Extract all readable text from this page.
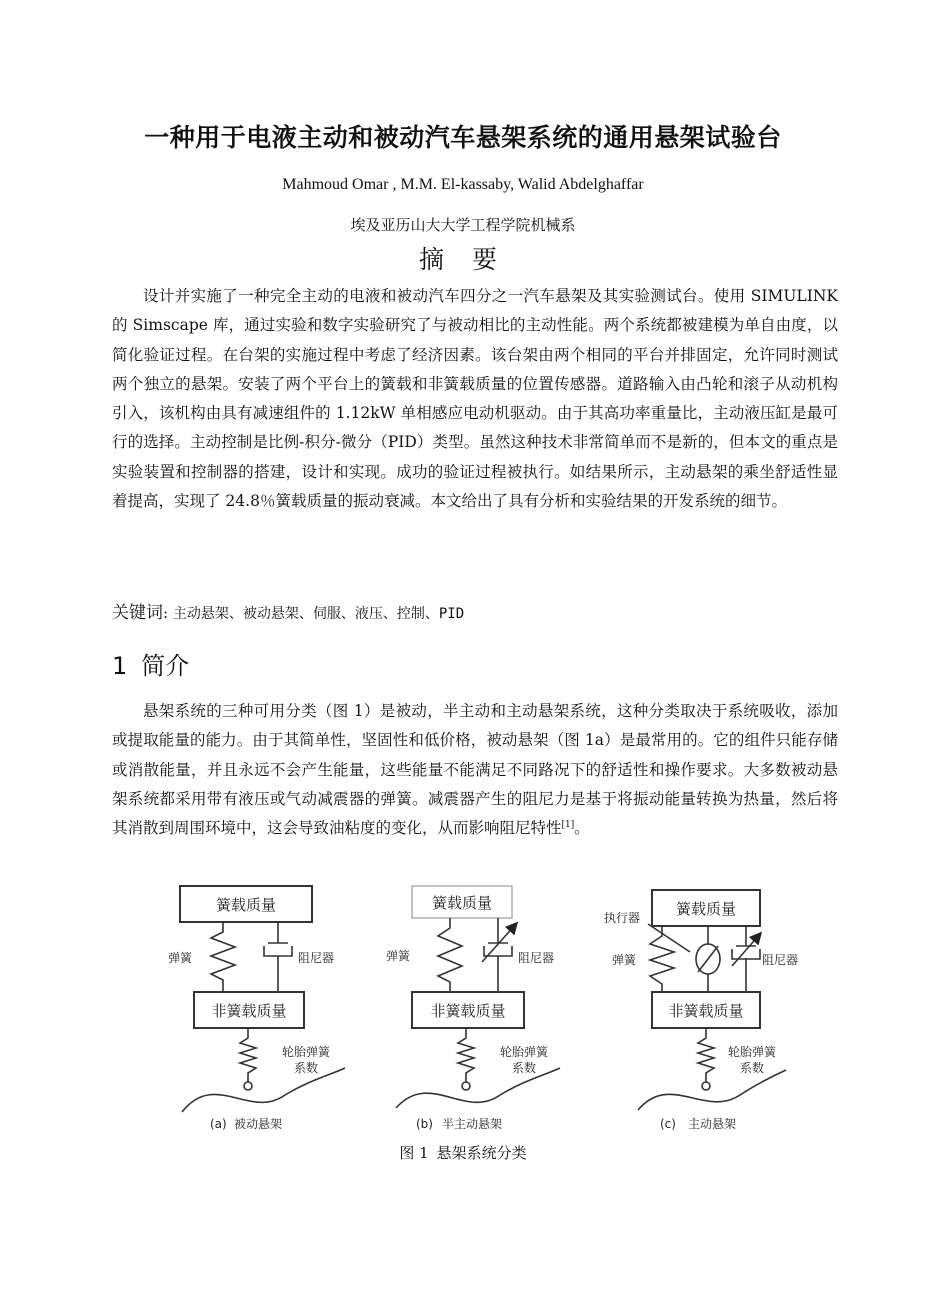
一种用于电液主动和被动汽车悬架系统的通用悬架试验台
Mahmoud Omar , M.M. El-kassaby, Walid Abdelghaffar
埃及亚历山大大学工程学院机械系
摘 要

设计并实施了一种完全主动的电液和被动汽车四分之一汽车悬架及其实验测试台。使用 SIMULINK 的 Simscape 库，通过实验和数字实验研究了与被动相比的主动性能。两个系统都被建模为单自由度，以简化验证过程。在台架的实施过程中考虑了经济因素。该台架由两个相同的平台并排固定，允许同时测试两个独立的悬架。安装了两个平台上的簧载和非簧载质量的位置传感器。道路输入由凸轮和滚子从动机构引入，该机构由具有减速组件的 1.12kW 单相感应电动机驱动。由于其高功率重量比，主动液压缸是最可行的选择。主动控制是比例-积分-微分（PID）类型。虽然这种技术非常简单而不是新的，但本文的重点是实验装置和控制器的搭建，设计和实现。成功的验证过程被执行。如结果所示，主动悬架的乘坐舒适性显着提高，实现了 24.8％簧载质量的振动衰减。本文给出了具有分析和实验结果的开发系统的细节。

关键词: 主动悬架、被动悬架、伺服、液压、控制、PID
1 简介

悬架系统的三种可用分类（图 1）是被动，半主动和主动悬架系统，这种分类取决于系统吸收，添加或提取能量的能力。由于其简单性，坚固性和低价格，被动悬架（图 1a）是最常用的。它的组件只能存储或消散能量，并且永远不会产生能量，这些能量不能满足不同路况下的舒适性和操作要求。大多数被动悬架系统都采用带有液压或气动减震器的弹簧。减震器产生的阻尼力是基于将振动能量转换为热量，然后将其消散到周围环境中，这会导致油粘度的变化，从而影响阻尼特性[1]。

簧载质量
非簧载质量
弹簧	阻尼器
轮胎弹簧
系数
(a) 被动悬架
簧载质量
非簧载质量
弹簧	阻尼器
轮胎弹簧
系数
(b) 半主动悬架
簧载质量
非簧载质量
执行器
弹簧	阻尼器
轮胎弹簧
系数
(c) 主动悬架
图 1 悬架系统分类
